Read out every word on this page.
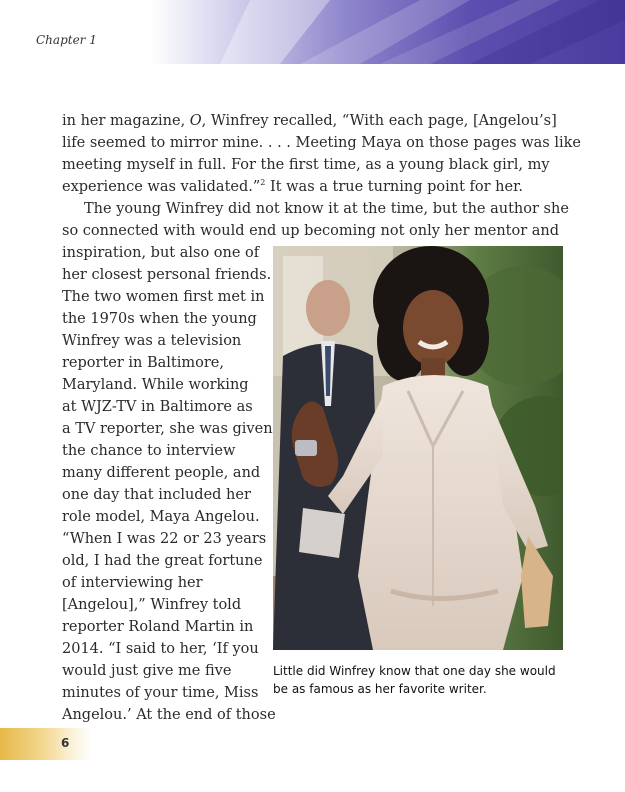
Chapter 1

in her magazine, O, Winfrey recalled, “With each page, [Angelou’s]

life seemed to mirror mine. . . . Meeting Maya on those pages was like

meeting myself in full. For the first time, as a young black girl, my

experience was validated.”$^2$ It was a true turning point for her.

The young Winfrey did not know it at the time, but the author she

so connected with would end up becoming not only her mentor and

inspiration, but also one of

her closest personal friends.

The two women first met in

the 1970s when the young

Winfrey was a television

reporter in Baltimore,

Maryland. While working

at WJZ-TV in Baltimore as

a TV reporter, she was given

the chance to interview

many different people, and

one day that included her

role model, Maya Angelou.

“When I was 22 or 23 years

old, I had the great fortune

of interviewing her

[Angelou],” Winfrey told

reporter Roland Martin in

2014. “I said to her, ‘If you

would just give me five

minutes of your time, Miss

Angelou.’ At the end of those

Little did Winfrey know that one day she would

be as famous as her favorite writer.

6
